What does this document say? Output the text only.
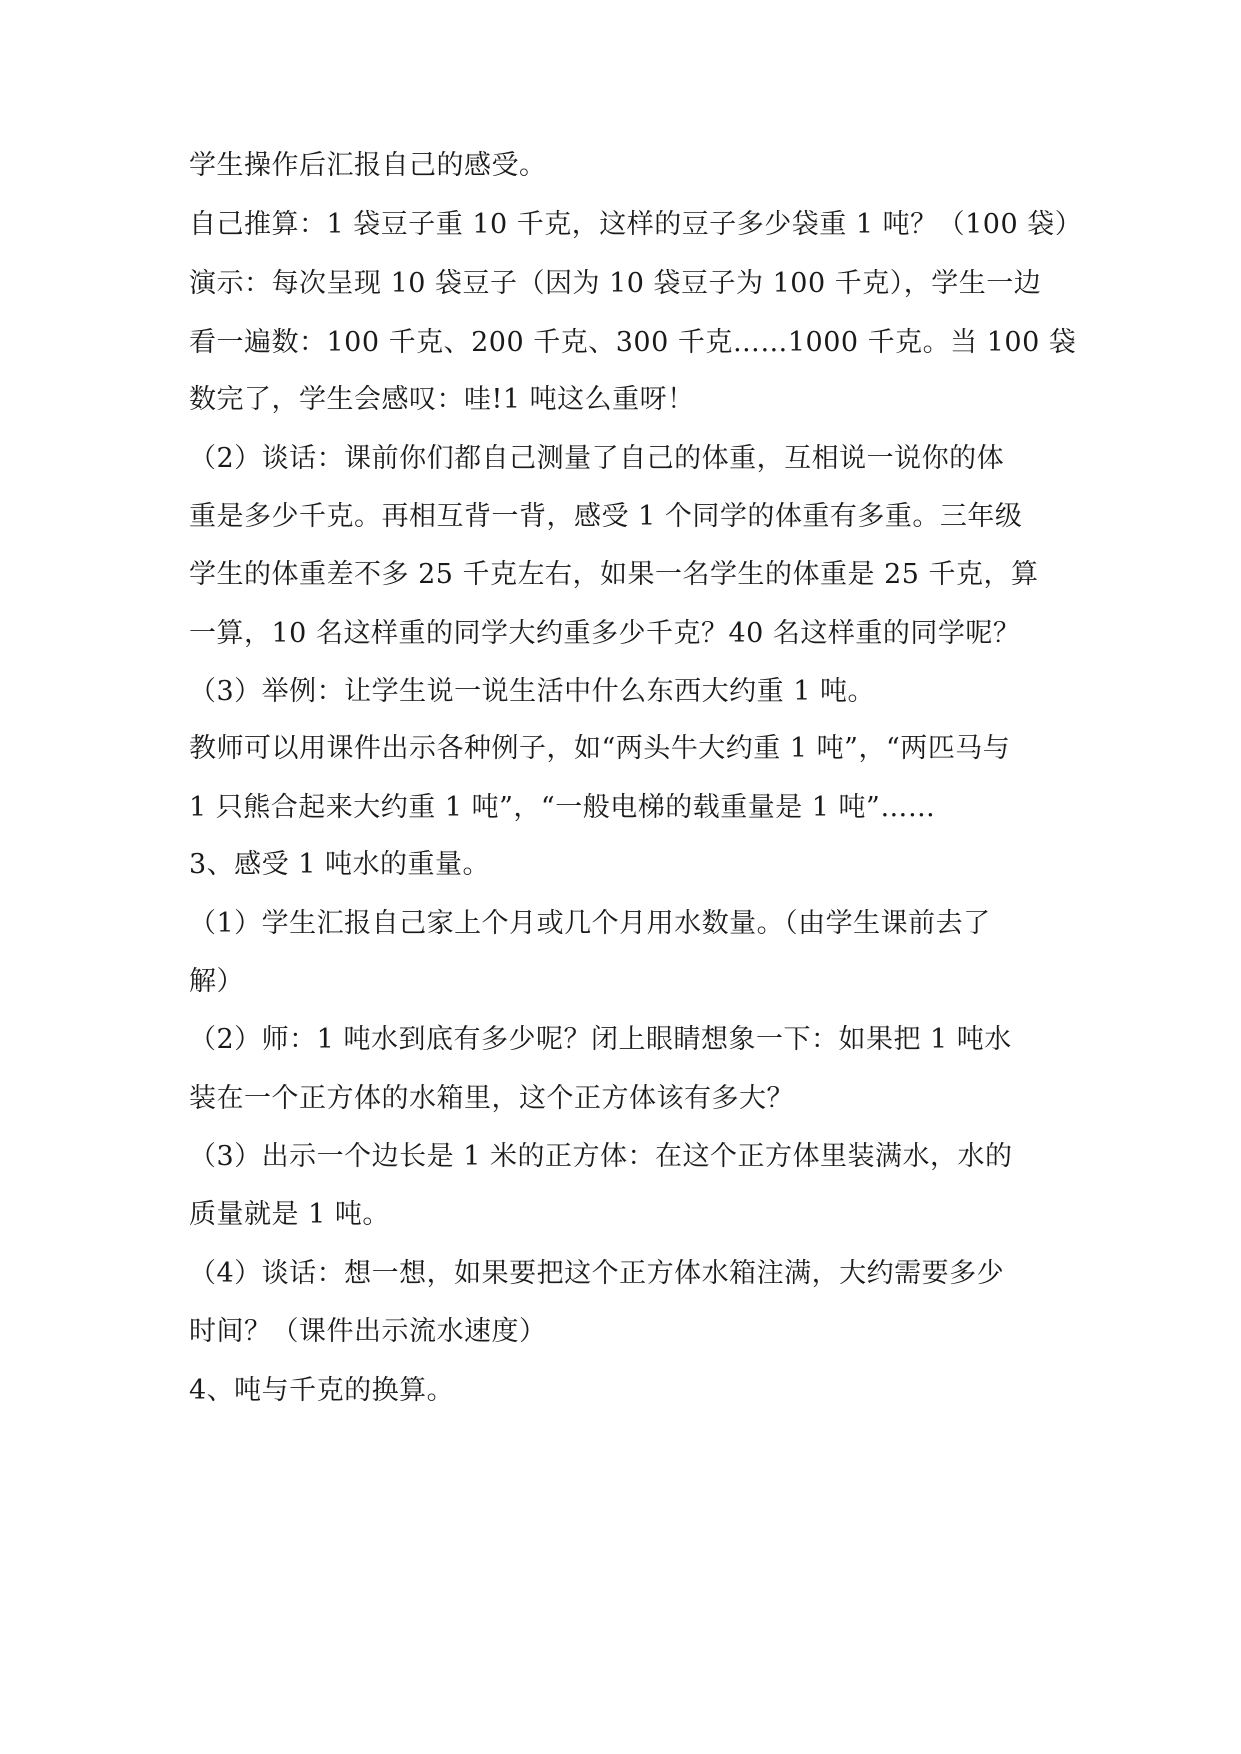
学生操作后汇报自己的感受。
自己推算：1 袋豆子重 10 千克，这样的豆子多少袋重 1 吨？（100 袋）
演示：每次呈现 10 袋豆子（因为 10 袋豆子为 100 千克），学生一边
看一遍数：100 千克、200 千克、300 千克……1000 千克。当 100 袋
数完了，学生会感叹：哇!1 吨这么重呀！
（2）谈话：课前你们都自己测量了自己的体重，互相说一说你的体
重是多少千克。再相互背一背，感受 1 个同学的体重有多重。三年级
学生的体重差不多 25 千克左右，如果一名学生的体重是 25 千克，算
一算，10 名这样重的同学大约重多少千克？40 名这样重的同学呢？
（3）举例：让学生说一说生活中什么东西大约重 1 吨。
教师可以用课件出示各种例子，如“两头牛大约重 1 吨”，“两匹马与
1 只熊合起来大约重 1 吨”，“一般电梯的载重量是 1 吨”……
3、感受 1 吨水的重量。
（1）学生汇报自己家上个月或几个月用水数量。（由学生课前去了
解）
（2）师：1 吨水到底有多少呢？闭上眼睛想象一下：如果把 1 吨水
装在一个正方体的水箱里，这个正方体该有多大？
（3）出示一个边长是 1 米的正方体：在这个正方体里装满水，水的
质量就是 1 吨。
（4）谈话：想一想，如果要把这个正方体水箱注满，大约需要多少
时间？（课件出示流水速度）
4、吨与千克的换算。
